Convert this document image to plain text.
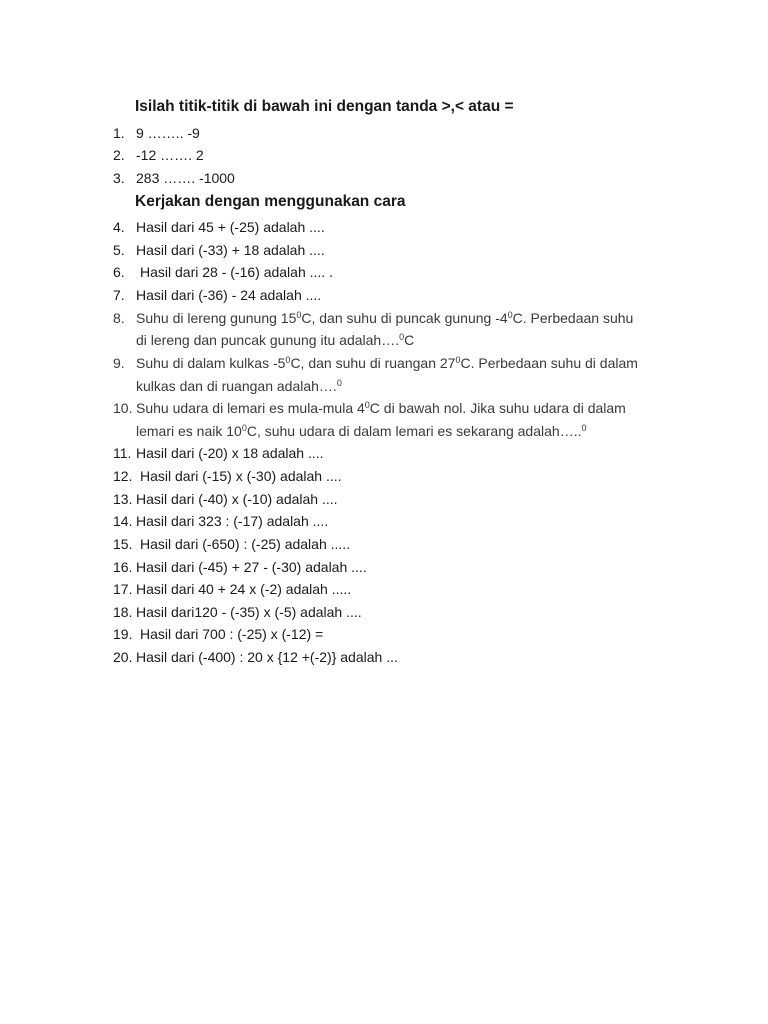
Isilah titik-titik di bawah ini dengan tanda >,< atau =
1. 9 …….. -9
2. -12 ……. 2
3. 283 ……. -1000
Kerjakan dengan menggunakan cara
4. Hasil dari 45 + (-25) adalah ....
5. Hasil dari (-33) + 18 adalah ....
6. Hasil dari 28 - (-16) adalah .... .
7. Hasil dari (-36) - 24 adalah ....
8. Suhu di lereng gunung $15^0C$, dan suhu di puncak gunung $-4^0C$. Perbedaan suhu
di lereng dan puncak gunung itu adalah….$^0$C
9. Suhu di dalam kulkas $-5^0C$, dan suhu di ruangan $27^0C$. Perbedaan suhu di dalam
kulkas dan di ruangan adalah….$^0$
10. Suhu udara di lemari es mula-mula $4^0C$ di bawah nol. Jika suhu udara di dalam
lemari es naik $10^0C$, suhu udara di dalam lemari es sekarang adalah…..$^0$
11. Hasil dari (-20) x 18 adalah ....
12. Hasil dari (-15) x (-30) adalah ....
13. Hasil dari (-40) x (-10) adalah ....
14. Hasil dari 323 : (-17) adalah ....
15. Hasil dari (-650) : (-25) adalah .....
16. Hasil dari (-45) + 27 - (-30) adalah ....
17. Hasil dari 40 + 24 x (-2) adalah .....
18. Hasil dari120 - (-35) x (-5) adalah ....
19. Hasil dari 700 : (-25) x (-12) =
20. Hasil dari (-400) : 20 x {12 +(-2)} adalah ...
